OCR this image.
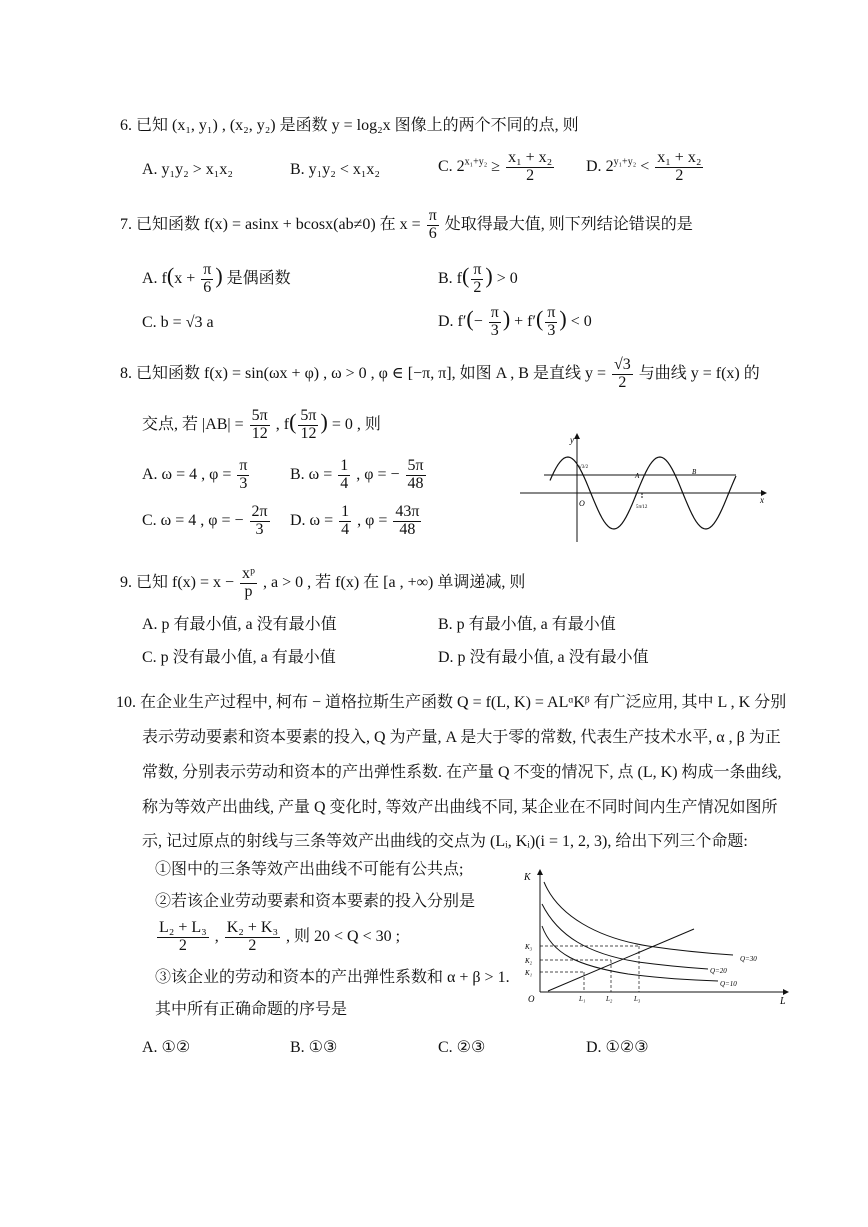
6. 已知 (x₁, y₁) , (x₂, y₂) 是函数 y = log₂x 图像上的两个不同的点, 则
A. y₁y₂ > x₁x₂	B. y₁y₂ < x₁x₂	C. $2^{x_1+y_2} \ge \frac{\text{x₁ + x₂}}{2} D$. $2^{y_1+y_2} < \frac{\text{x₁ + x₂}}{2}$
7. 已知函数 f(x) = asinx + bcosx(ab≠0) 在 $x = \frac{\pi}{6}$ 处取得最大值, 则下列结论错误的是
A. $f(x + \frac{\pi}{6}$ ) 是偶函数	B. $f( \frac{\pi}{2}$ ) > 0
C. b = √3 a	D. $f'(- \frac{\pi}{3}$ ) + $f'( \frac{\pi}{3}$ ) < 0
8. 已知函数 f(x) = sin(ωx + φ) , ω > 0 , φ ∈ [−π, π], 如图 A , B 是直线 $y = \frac{√3}{2}$ 与曲线 y = f(x) 的
交点, 若 $|AB| = \frac{5\pi}{12}$ , $f( \frac{5\pi}{12}$ ) = 0 , 则
A. ω = 4 , $\varphi = \frac{\pi}{3}$	B. $\omega = \frac{1}{4}$ , φ = − $\frac{5\pi}{48}$
C. ω = 4 , φ = − $\frac{2\pi}{3} D$. $\omega = \frac{1}{4}$ , $\varphi = \frac{43\pi}{48}$
y
x
O
A	B
5π/12
√3/2
9. 已知 $f(x) = x - \frac{\text{xᵖ}}{p}$ , a > 0 , 若 f(x) 在 [a , +∞) 单调递减, 则
A. p 有最小值, a 没有最小值	B. p 有最小值, a 有最小值
C. p 没有最小值, a 有最小值	D. p 没有最小值, a 没有最小值
10. 在企业生产过程中, 柯布 − 道格拉斯生产函数 Q = f(L, K) = ALᵅKᵝ 有广泛应用, 其中 L , K 分别
表示劳动要素和资本要素的投入, Q 为产量, A 是大于零的常数, 代表生产技术水平, α , β 为正
常数, 分别表示劳动和资本的产出弹性系数. 在产量 Q 不变的情况下, 点 (L, K) 构成一条曲线,
称为等效产出曲线, 产量 Q 变化时, 等效产出曲线不同, 某企业在不同时间内生产情况如图所
示, 记过原点的射线与三条等效产出曲线的交点为 (Lᵢ, Kᵢ)(i = 1, 2, 3), 给出下列三个命题:
①图中的三条等效产出曲线不可能有公共点;
②若该企业劳动要素和资本要素的投入分别是
$\frac{\text{L₂ + L₃}}{2}$ , $\frac{\text{K₂ + K₃}}{2}$ , 则 20 < Q < 30 ;
③该企业的劳动和资本的产出弹性系数和 α + β > 1.
其中所有正确命题的序号是
A. ①②	B. ①③	C. ②③	D. ①②③
K
L
O
K₃
K₂
K₁
L₁	L₂	L₃
Q=30
Q=20
Q=10
